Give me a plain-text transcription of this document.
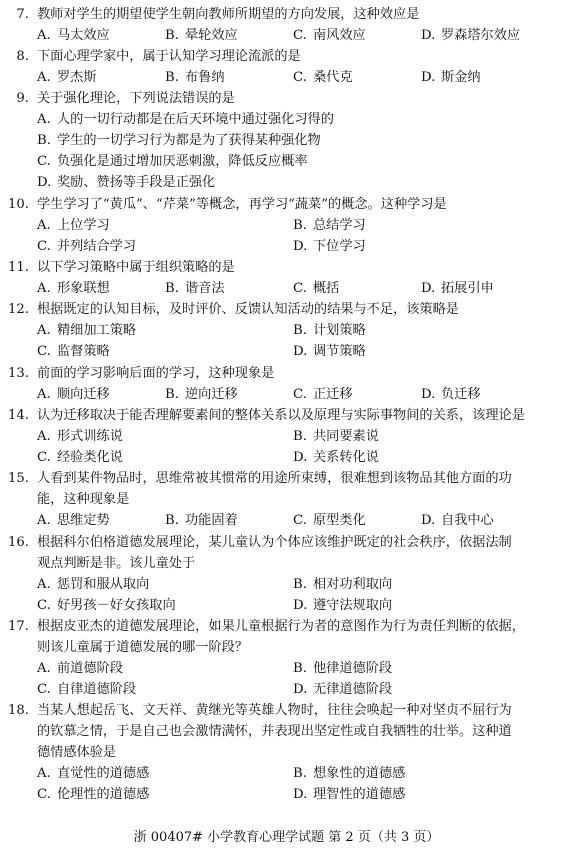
7. 教师对学生的期望使学生朝向教师所期望的方向发展，这种效应是
A. 马太效应	B. 晕轮效应	C. 南风效应	D. 罗森塔尔效应
8. 下面心理学家中，属于认知学习理论流派的是
A. 罗杰斯	B. 布鲁纳	C. 桑代克	D. 斯金纳
9. 关于强化理论，下列说法错误的是
A. 人的一切行动都是在后天环境中通过强化习得的
B. 学生的一切学习行为都是为了获得某种强化物
C. 负强化是通过增加厌恶刺激，降低反应概率
D. 奖励、赞扬等手段是正强化
10. 学生学习了“黄瓜”、“芹菜”等概念，再学习“蔬菜”的概念。这种学习是
A. 上位学习	B. 总结学习
C. 并列结合学习	D. 下位学习
11. 以下学习策略中属于组织策略的是
A. 形象联想	B. 谐音法	C. 概括	D. 拓展引申
12. 根据既定的认知目标，及时评价、反馈认知活动的结果与不足，该策略是
A. 精细加工策略	B. 计划策略
C. 监督策略	D. 调节策略
13. 前面的学习影响后面的学习，这种现象是
A. 顺向迁移	B. 逆向迁移	C. 正迁移	D. 负迁移
14. 认为迁移取决于能否理解要素间的整体关系以及原理与实际事物间的关系，该理论是
A. 形式训练说	B. 共同要素说
C. 经验类化说	D. 关系转化说
15. 人看到某件物品时，思维常被其惯常的用途所束缚，很难想到该物品其他方面的功
能，这种现象是
A. 思维定势	B. 功能固着	C. 原型类化	D. 自我中心
16. 根据科尔伯格道德发展理论，某儿童认为个体应该维护既定的社会秩序，依据法制
观点判断是非。该儿童处于
A. 惩罚和服从取向	B. 相对功利取向
C. 好男孩－好女孩取向	D. 遵守法规取向
17. 根据皮亚杰的道德发展理论，如果儿童根据行为者的意图作为行为责任判断的依据，
则该儿童属于道德发展的哪一阶段？
A. 前道德阶段	B. 他律道德阶段
C. 自律道德阶段	D. 无律道德阶段
18. 当某人想起岳飞、文天祥、黄继光等英雄人物时，往往会唤起一种对坚贞不屈行为
的钦慕之情，于是自己也会激情满怀，并表现出坚定性或自我牺牲的壮举。这种道
德情感体验是
A. 直觉性的道德感	B. 想象性的道德感
C. 伦理性的道德感	D. 理智性的道德感
浙 00407# 小学教育心理学试题 第 2 页（共 3 页）
